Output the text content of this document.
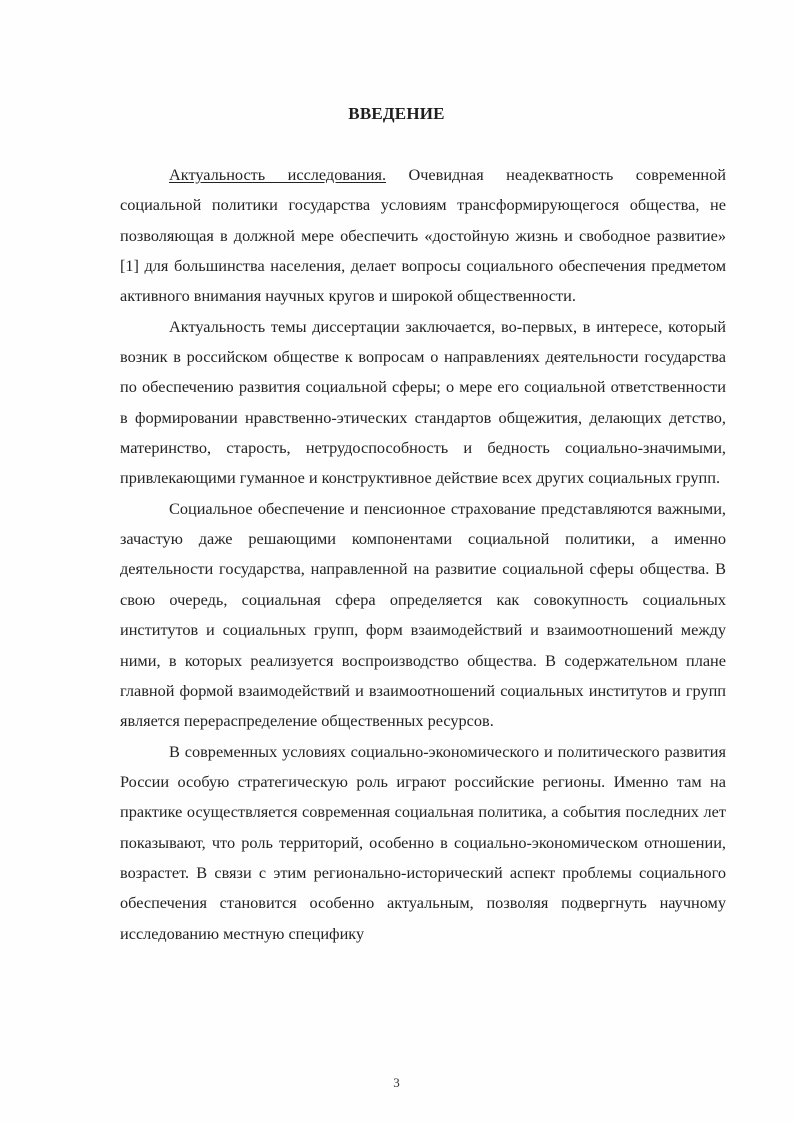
ВВЕДЕНИЕ

Актуальность исследования. Очевидная неадекватность современной социальной политики государства условиям трансформирующегося общества, не позволяющая в должной мере обеспечить «достойную жизнь и свободное развитие» [1] для большинства населения, делает вопросы социального обеспечения предметом активного внимания научных кругов и широкой общественности.

Актуальность темы диссертации заключается, во-первых, в интересе, который возник в российском обществе к вопросам о направлениях деятельности государства по обеспечению развития социальной сферы; о мере его социальной ответственности в формировании нравственно-этических стандартов общежития, делающих детство, материнство, старость, нетрудоспособность и бедность социально-значимыми, привлекающими гуманное и конструктивное действие всех других социальных групп.

Социальное обеспечение и пенсионное страхование представляются важными, зачастую даже решающими компонентами социальной политики, а именно деятельности государства, направленной на развитие социальной сферы общества. В свою очередь, социальная сфера определяется как совокупность социальных институтов и социальных групп, форм взаимодействий и взаимоотношений между ними, в которых реализуется воспроизводство общества. В содержательном плане главной формой взаимодействий и взаимоотношений социальных институтов и групп является перераспределение общественных ресурсов.

В современных условиях социально-экономического и политического развития России особую стратегическую роль играют российские регионы. Именно там на практике осуществляется современная социальная политика, а события последних лет показывают, что роль территорий, особенно в социально-экономическом отношении, возрастет. В связи с этим регионально-исторический аспект проблемы социального обеспечения становится особенно актуальным, позволяя подвергнуть научному исследованию местную специфику

3
